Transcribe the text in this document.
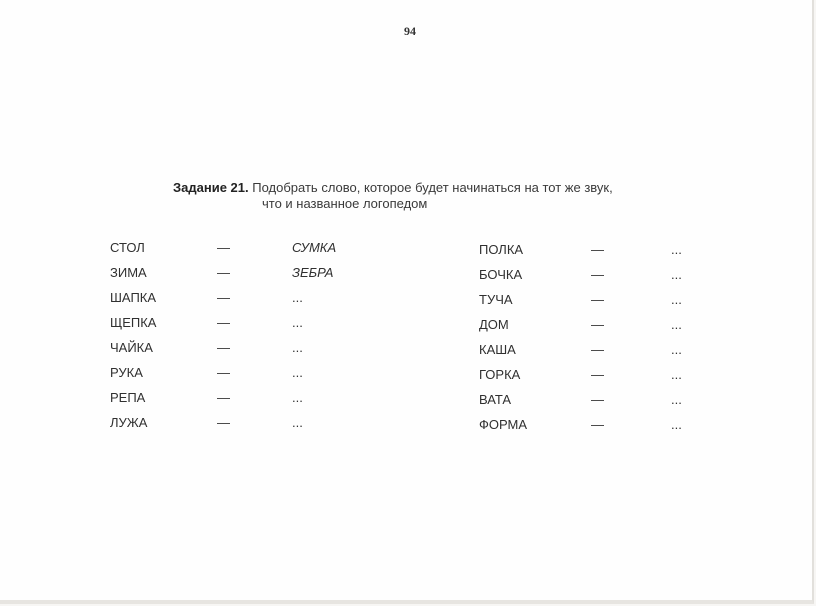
94
Задание 21. Подобрать слово, которое будет начинаться на тот же звук,
что и названное логопедом
СТОЛ	—	СУМКА
ЗИМА	—	ЗЕБРА
ШАПКА	—	...
ЩЕПКА	—	...
ЧАЙКА	—	...
РУКА	—	...
РЕПА	—	...
ЛУЖА	—	...
ПОЛКА	—	...
БОЧКА	—	...
ТУЧА	—	...
ДОМ	—	...
КАША	—	...
ГОРКА	—	...
ВАТА	—	...
ФОРМА	—	...
